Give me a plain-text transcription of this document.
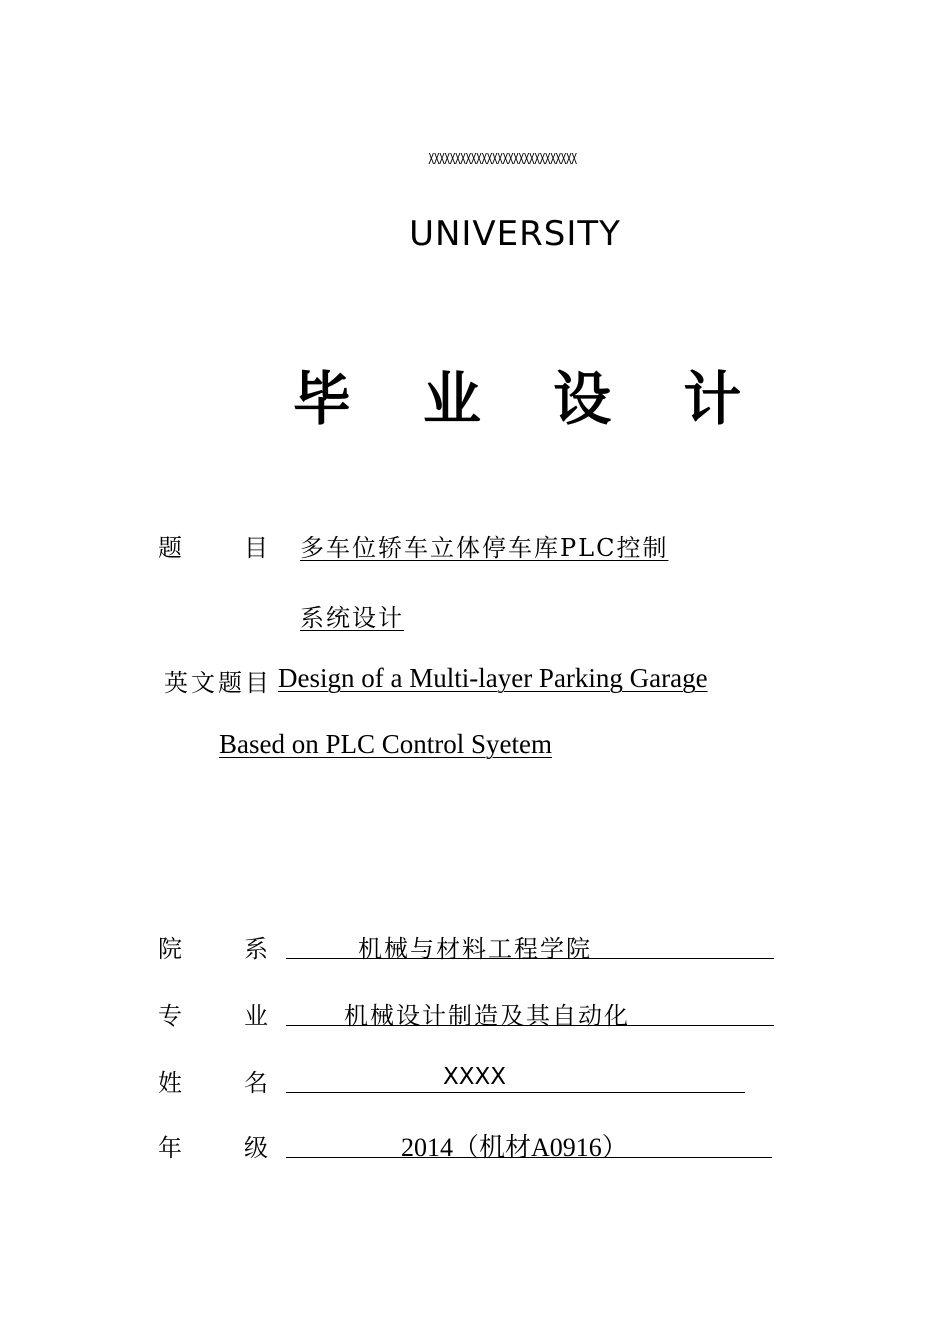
XXXXXXXXXXXXXXXXXXXXXXXXXXXX
UNIVERSITY
毕 业 设 计
题	目 多车位轿车立体停车库PLC控制
系统设计
英文题目 Design of a Multi-layer Parking Garage
Based on PLC Control Syetem
院	系	机械与材料工程学院
专	业	机械设计制造及其自动化
姓	名	XXXX
年	级	2014（机材A0916）
